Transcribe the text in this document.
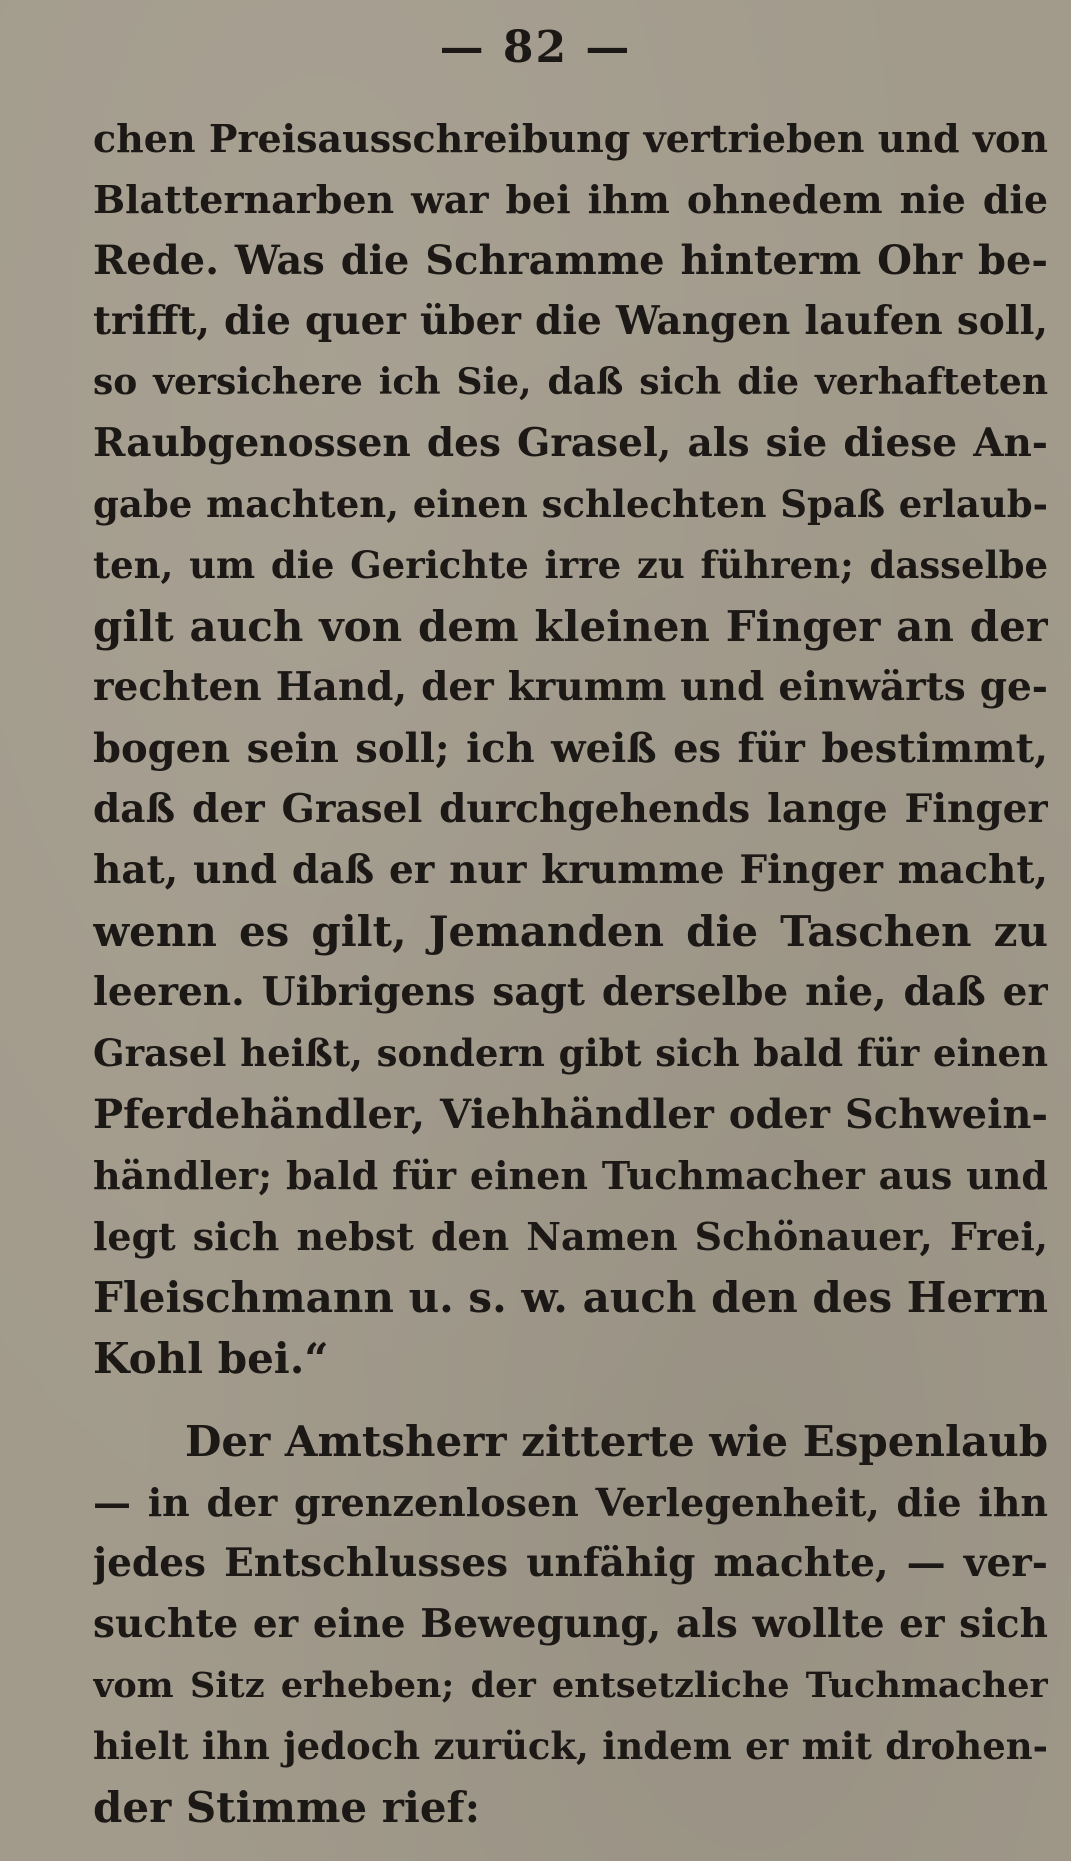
— 82 —
chen Preisausschreibung vertrieben und von
Blatternarben war bei ihm ohnedem nie die
Rede. Was die Schramme hinterm Ohr be-
trifft, die quer über die Wangen laufen soll,
so versichere ich Sie, daß sich die verhafteten
Raubgenossen des Grasel, als sie diese An-
gabe machten, einen schlechten Spaß erlaub-
ten, um die Gerichte irre zu führen; dasselbe
gilt auch von dem kleinen Finger an der
rechten Hand, der krumm und einwärts ge-
bogen sein soll; ich weiß es für bestimmt,
daß der Grasel durchgehends lange Finger
hat, und daß er nur krumme Finger macht,
wenn es gilt, Jemanden die Taschen zu
leeren. Uibrigens sagt derselbe nie, daß er
Grasel heißt, sondern gibt sich bald für einen
Pferdehändler, Viehhändler oder Schwein-
händler; bald für einen Tuchmacher aus und
legt sich nebst den Namen Schönauer, Frei,
Fleischmann u. s. w. auch den des Herrn
Kohl bei.“
Der Amtsherr zitterte wie Espenlaub
— in der grenzenlosen Verlegenheit, die ihn
jedes Entschlusses unfähig machte, — ver-
suchte er eine Bewegung, als wollte er sich
vom Sitz erheben; der entsetzliche Tuchmacher
hielt ihn jedoch zurück, indem er mit drohen-
der Stimme rief:
